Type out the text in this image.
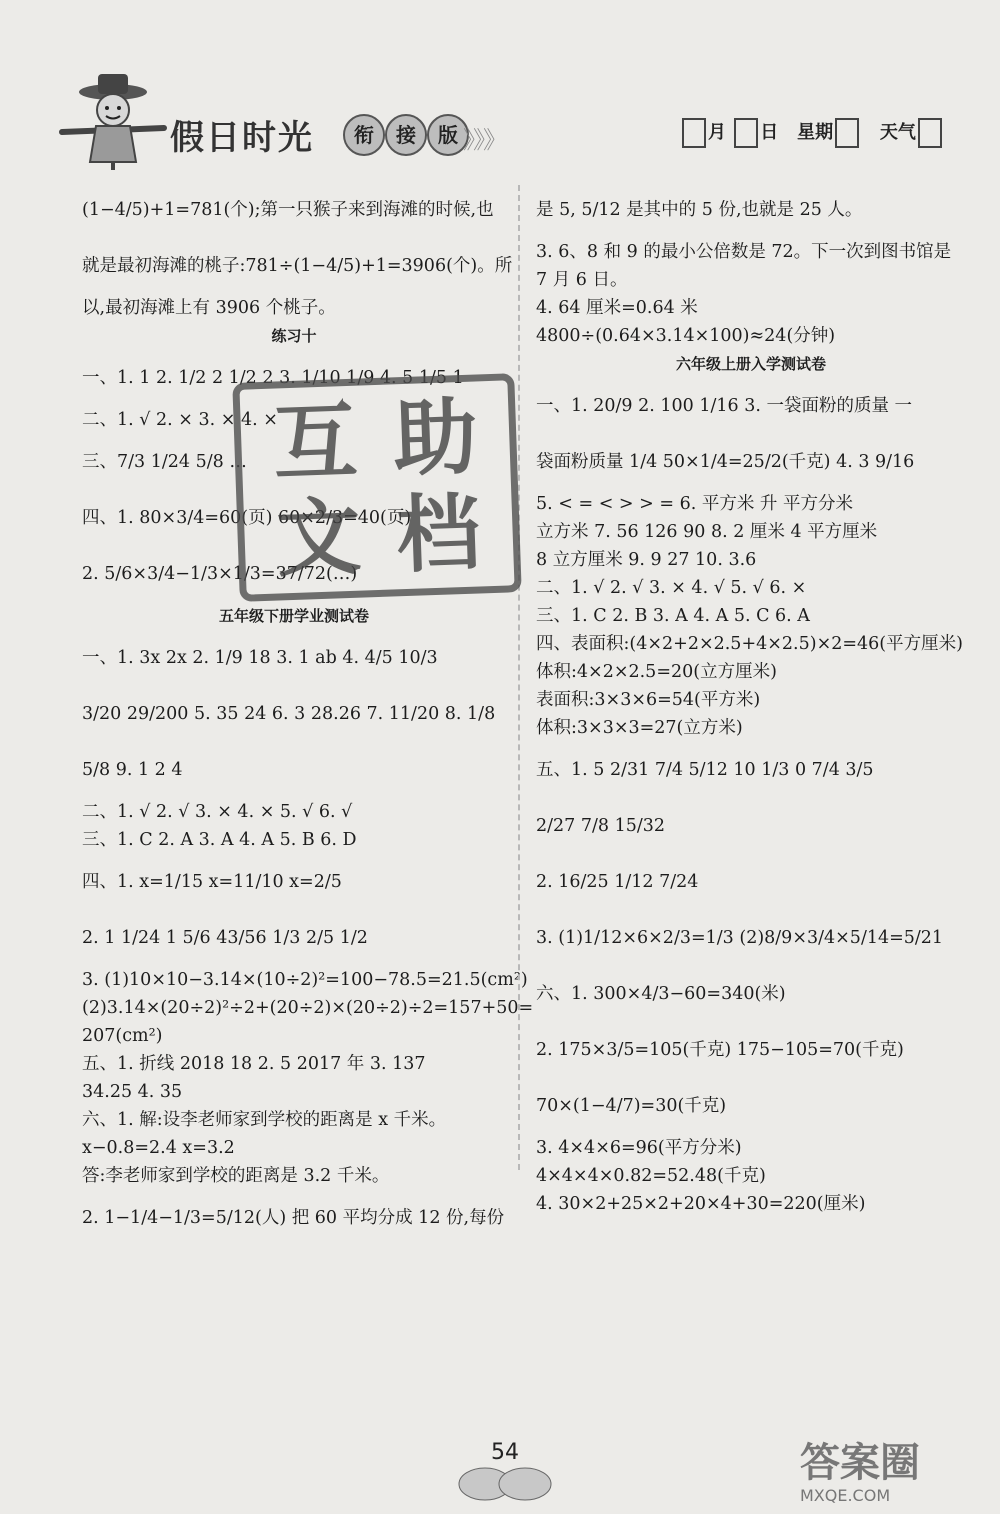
假日时光	衔	接	版 》》》	月 日 星期	天气
(1−4/5)+1=781(个);第一只猴子来到海滩的时候,也
就是最初海滩的桃子:781÷(1−4/5)+1=3906(个)。所
以,最初海滩上有 3906 个桃子。
练习十
一、1. 1 2. 1/2 2 1/2 2 3. 1/10 1/9 4. 5 1/5 1
二、1. √ 2. × 3. × 4. ×
三、7/3 1/24 5/8 …
四、1. 80×3/4=60(页) 60×2/3=40(页)
2. 5/6×3/4−1/3×1/3=37/72(…)
五年级下册学业测试卷
一、1. 3x 2x 2. 1/9 18 3. 1 ab 4. 4/5 10/3
3/20 29/200 5. 35 24 6. 3 28.26 7. 11/20 8. 1/8
5/8 9. 1 2 4
二、1. √ 2. √ 3. × 4. × 5. √ 6. √
三、1. C 2. A 3. A 4. A 5. B 6. D
四、1. x=1/15 x=11/10 x=2/5
2. 1 1/24 1 5/6 43/56 1/3 2/5 1/2
3. (1)10×10−3.14×(10÷2)²=100−78.5=21.5(cm²)
(2)3.14×(20÷2)²÷2+(20÷2)×(20÷2)÷2=157+50=
207(cm²)
五、1. 折线 2018 18 2. 5 2017 年 3. 137
34.25 4. 35
六、1. 解:设李老师家到学校的距离是 x 千米。
x−0.8=2.4 x=3.2
答:李老师家到学校的距离是 3.2 千米。
2. 1−1/4−1/3=5/12(人) 把 60 平均分成 12 份,每份
是 5, 5/12 是其中的 5 份,也就是 25 人。
3. 6、8 和 9 的最小公倍数是 72。下一次到图书馆是
7 月 6 日。
4. 64 厘米=0.64 米
4800÷(0.64×3.14×100)≈24(分钟)
六年级上册入学测试卷
一、1. 20/9 2. 100 1/16 3. 一袋面粉的质量 一
袋面粉质量 1/4 50×1/4=25/2(千克) 4. 3 9/16
5. < = < > > = 6. 平方米 升 平方分米
立方米 7. 56 126 90 8. 2 厘米 4 平方厘米
8 立方厘米 9. 9 27 10. 3.6
二、1. √ 2. √ 3. × 4. √ 5. √ 6. ×
三、1. C 2. B 3. A 4. A 5. C 6. A
四、表面积:(4×2+2×2.5+4×2.5)×2=46(平方厘米)
体积:4×2×2.5=20(立方厘米)
表面积:3×3×6=54(平方米)
体积:3×3×3=27(立方米)
五、1. 5 2/31 7/4 5/12 10 1/3 0 7/4 3/5
2/27 7/8 15/32
2. 16/25 1/12 7/24
3. (1)1/12×6×2/3=1/3 (2)8/9×3/4×5/14=5/21
六、1. 300×4/3−60=340(米)
2. 175×3/5=105(千克) 175−105=70(千克)
70×(1−4/7)=30(千克)
3. 4×4×6=96(平方分米)
4×4×4×0.82=52.48(千克)
4. 30×2+25×2+20×4+30=220(厘米)
互 助
文 档
54	答案圈
MXQE.COM
